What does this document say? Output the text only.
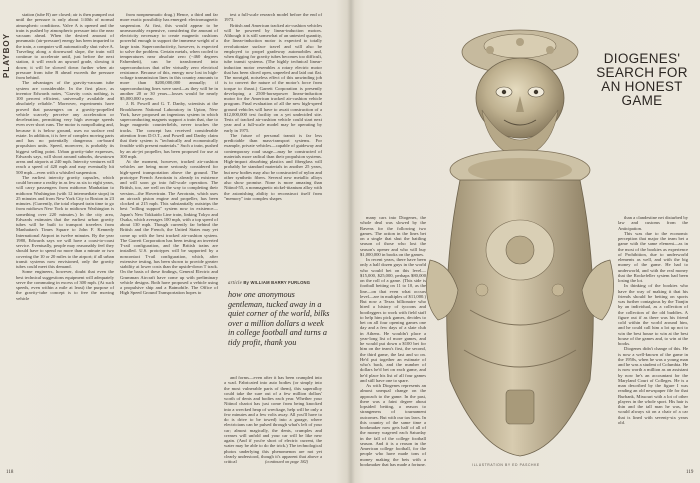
PLAYBOY

station (tube B) are closed; air is then pumped out until the pressure is only about 1/40th of normal atmospheric conditions. Valve A is opened and the train is pushed by atmospheric pressure into the near vacuum ahead. When the desired amount of pneumatic (air-pressure) energy has been imparted to the train, a computer will automatically shut valve A. Traveling along a downward slope, the train will continue to accelerate until, just before the next station, it will reach an upward grade, slowing it down; it will be slowed down further when air pressure from tube B ahead exceeds the pressure from behind.

The advantages of the gravity-vacuum tube system are considerable. In the first place, as inventor Edwards notes, "Gravity costs nothing, is 100 percent efficient, universally available and absolutely reliable." Moreover, experiments have proved that passengers on a gravity-propelled vehicle scarcely perceive any acceleration or deceleration, permitting very high average speeds even over short runs. The motor is nonpolluting and, because it is below ground, uses no surface real estate. In addition, it is free of complex moving parts and has no potentially dangerous on-board propulsion units. Speed, moreover, is probably its biggest selling point. Urban gravity-tube expresses, Edwards says, will shoot around suburbs, downtown areas and airports at 240 mph. Intercity ventures will reach a speed of 420 mph and may eventually hit 500 mph—even with a whistled suspension.

The earliest intercity gravity capsules, which could become a reality in as few as six to eight years, will carry passengers from midtown Manhattan to midtown Washington (with 12 intermediate stops) in 25 minutes and from New York City to Boston in 23 minutes. (Currently, the total elapsed train time to go from midtown New York to midtown Washington is something over 220 minutes.) In the city area, Edwards estimates that the earliest urban gravity tubes will be built to transport travelers from Manhattan's Times Square to John F. Kennedy International Airport in twelve minutes. By the year 1980, Edwards says we will have a coast-to-coast service. Eventually, people may reasonably feel they should have to spend no more than a minute or two covering the 10 or 20 miles to the airport; if all urban transit systems now envisioned, only the gravity tubes could meet this demand.

Some engineers, however, doubt that even the best technical suggestions equipment will adequately serve the commuting in excess of 300 mph. (At such speeds, even within a mile at least) the purpose of the gravity-tube concept is to free the moving vehicle

from nonpneumatic drag.) Hence, a third and far more exotic possibility has emerged: electromagnetic suspension. At first, this would appear to be unreasonably expensive, considering the amount of electricity necessary to create magnetic cushions powerful enough to support the immense weight of a large train. Superconductivity, however, is expected to solve the problem. Certain metals, when cooled to temperatures near absolute zero (−460 degrees Fahrenheit), can be transformed into superconductors that offer virtually zero electrical resistance. Because of this, energy now lost in high-voltage transmission lines in this country amounts to more than $200,000,000 annually; if superconducting lines were used—as they will be in another 20 or 30 years—losses would be nearly $5,000,000 a year.

J. R. Powell and G. T. Danby, scientists at the Brookhaven National Laboratory in Upton, New York, have proposed an ingenious system in which superconducting magnets support a train that, due to huge magnetic counterfields, never touches the tracks. The concept has received considerable attention from D.O.T., and Powell and Danby claim that their system is "technically and economically feasible with present materials." Such a train, pushed by an air-jet propeller, has been proposed for use at 300 mph.

At the moment, however, tracked air-cushion vehicles are being more seriously considered for high-speed transportation above the ground. The prototype French Aerotrain is already in existence and will soon go into full-scale operation. The British, too, are well on the way to completing their version—the Hovertrain. The Aerotrain, which uses an aircraft piston engine and propeller, has been clocked at 215 mph. This substantially outstrips the best "rolling support" system now in existence—Japan's New Tokkaido Line train, linking Tokyo and Osaka, which averages 100 mph, with a top speed of about 130 mph. Though currently far behind the British and the French, the United States may yet come up with the best tracked air-cushion system. The Garrett Corporation has been testing an inverted T-rail configuration, and the British trains are installed. U.S. prototypes will be supported by a noncontact T-rail configuration, which, after extensive testing, has been shown to provide greater stability at lower costs than the upside-down T track. On the basis of these findings, General Electric and Grumman Aircraft have come up with preliminary vehicle designs. Both have proposed a vehicle using a propulsive ship and a Batmobile. The Office of High Speed Ground Transportation hopes to

test a full-scale research model before the end of 1973.

British and American tracked air-cushion vehicles will be powered by linear-induction motors. Although it is still somewhat of an untested quantity, the linear-induction motor is expected to totally revolutionize surface travel and will also be employed to propel gradeway automobiles and, when digging for gravity tubes becomes too difficult, tube transit systems. (The highly technical linear-induction motor resembles a rotary electric motor that has been sliced open, unpeeled and laid out flat. The nonrigid, noiseless effect of this unwinding job is to convert the nature of the motor's force from torque to thrust.) Garrett Corporation is presently developing a 2500-horsepower linear-induction motor for the American tracked air-cushion vehicle program. Final evaluation of all the new high-speed ground vehicles will have to await construction of a $12,000,000 test facility on a yet undecided site. Tests of tracked air-cushion vehicle could start next year and a full-scale model may be operating by early in 1975.

The future of personal transit is far less predictable than mass-transport systems. For example, private vehicles—capable of guideway and contemporary road usage—may be constructed of materials more radical than their propulsion systems. High-impact absorbing plastics and fiberglass will probably be standard materials in another 25 years, but new bodies may also be constructed of nylon and other synthetic fibers. Several new metallic alloys also show promise. None is more amazing than Nitinol-55, a nonmagnetic nickel-titanium alloy with the astonishing ability to reconstruct itself from "memory" into complex shapes

article By WILLIAM BARRY FURLONG
how one anonymous gentleman, tucked away in a quiet corner of the world, bilks over a million dollars a week in college football and turns a tidy profit, thank you

and forms—even after it has been crumpled into a wad. Fabricated into auto bodies (or simply into the most vulnerable parts of them), this superalloy could take the sure out of a few million dollars' worth of dents and bodies each year. Whether your Nitinol chariot has just come from being knocked into a wrecked heap of wreckage, help will be only a few minutes and a few volts away. All you'll have to do is drive to be towed) into a garage, where electricians can be pulsed through what's left of your car; almost magically, the dents, crumples and creases will unfold and your car will be like new again. (And if you're short of electric current, the water may be able to do the trick.) The technological photos underlying this phenomenon are not yet clearly understood, though it's apparent that above a critical	(continued on page 182)
118
ILLUSTRATION BY ED PASCHKE

many cars into Diogenes, the whole deal was slowed by the Ravens for the following two games. The action in the lines bet on a single that shut the battling season of those who lost the season's opener and who will buy $1,000,000 in books on the games.

In recent years, there have been only a half dozen guys in the world who would bet on this level—$15,000, $25,000, perhaps $80,000 on the roll of a game. (This side is football betting on 11 to 10, as the line—on that even what occurs level—are in multiples of $11,000.) But now a Texas billionaire who hired a history of tycoons and bootleggers to work with field staff to help him pick games, decides to bet on all four opening games one day and a few days of a slate club in Athens. He wouldn't place a year-long list of more games, and he would put down a $100 bet for him on the team's first, the second, the third game, the last and so on. He'd put together an estimate of who's back, and the number of dollars he'd bet on each game, and he'd place his list of all four games and still have one to spare.

As with Diogenes represents an almost unequal change on the approach to the game. In the past, there was a faint degree about lopsided betting, a reason to strangeness of tournament outcomes. But with our tax laws. In this country of the same time a bookmaker now gets half of all of the money wagered each Saturday in the fall of the college football season. And it is a reason in the American college football, for the people who have made tons of money making the bets with a bookmaker that has made a fortune.

DIOGENES' SEARCH FOR AN HONEST GAME

than a clandestine net disturbed by law and customs from the Anticipation.

This was due to the economic perception that major the team bet a game with the same element—as in the most of the bookies as experience of Prohibition, due to underworld elements as well, and with the big money of the game. He had to underworld, and with the real money that the Rockefeller system had been losing the lot.

In thinking of the bookies who have the way of making it that his friends should be betting on sports was further contagious by the Tianjin by an individual, as a collection of the collection of the old buddies. A figure out if as there was his friend cold within the world around him, and he could call him a lot up not to win the best house to win at the best house of the games and, to win at the books.

Diogenes didn't change of this. He is now a well-known of the game in the 1950s, when he was a young man and he was a student of Columbia. He is now worth a million as an assistant by now he's an accountant for the Maryland Court of Colleges. He is a man described by the figure I was reading an old newspaper file for that Burbank, Missouri with a lot of other players in the whole sport. His hair is thin and the tall man he was, he would always sit on a chair of a car that is lined with seventy-six years old.

119
